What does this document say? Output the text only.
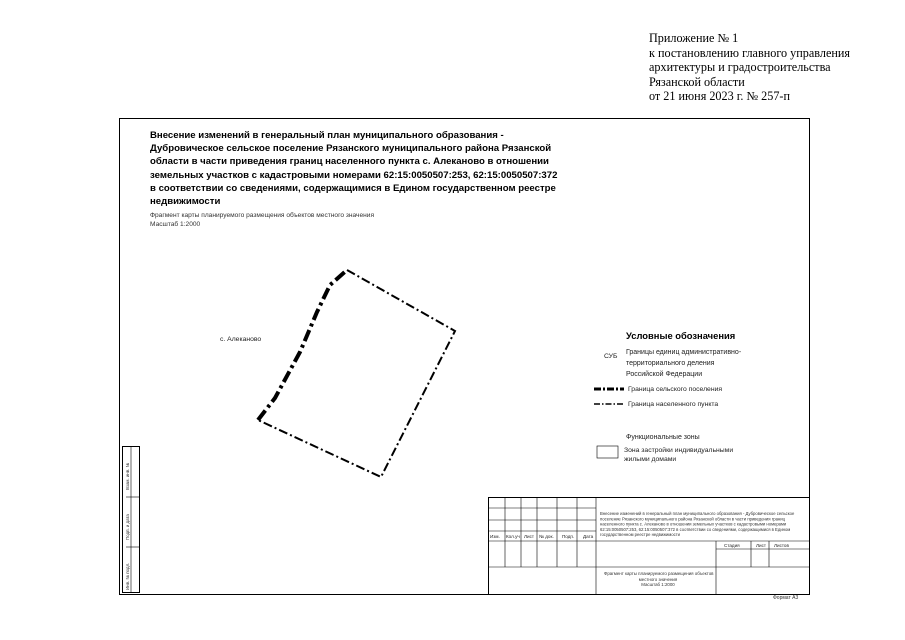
Приложение № 1
к постановлению главного управления
архитектуры и градостроительства
Рязанской области
от 21 июня 2023 г. № 257-п
Внесение изменений в генеральный план муниципального образования -
Дубровическое сельское поселение Рязанского муниципального района Рязанской
области в части приведения границ населенного пункта с. Алеканово в отношении
земельных участков с кадастровыми номерами 62:15:0050507:253, 62:15:0050507:372
в соответствии со сведениями, содержащимися в Едином государственном реестре
недвижимости
Фрагмент карты планируемого размещения объектов местного значения
Масштаб 1:2000
с. Алеканово	Условные обозначения
СУБ
Границы единиц административно-
территориального деления
Российской Федерации
Граница сельского поселения
Граница населенного пункта
Функциональные зоны
Зона застройки индивидуальными
жилыми домами
Изм. Кол.уч Лист № док. Подп. Дата
Внесение изменений в генеральный план муниципального образования - Дубровическое сельское
поселение Рязанского муниципального района Рязанской области в части приведения границ
населенного пункта с. Алеканово в отношении земельных участков с кадастровыми номерами
62:15:0050507:253, 62:15:0050507:372 в соответствии со сведениями, содержащимися в Едином
государственном реестре недвижимости
Стадия	Лист Листов
Фрагмент карты планируемого размещения объектов
местного значения
Масштаб 1:2000
Взам. инв. №
Подп. и дата
Инв. № подл.
Формат А3
